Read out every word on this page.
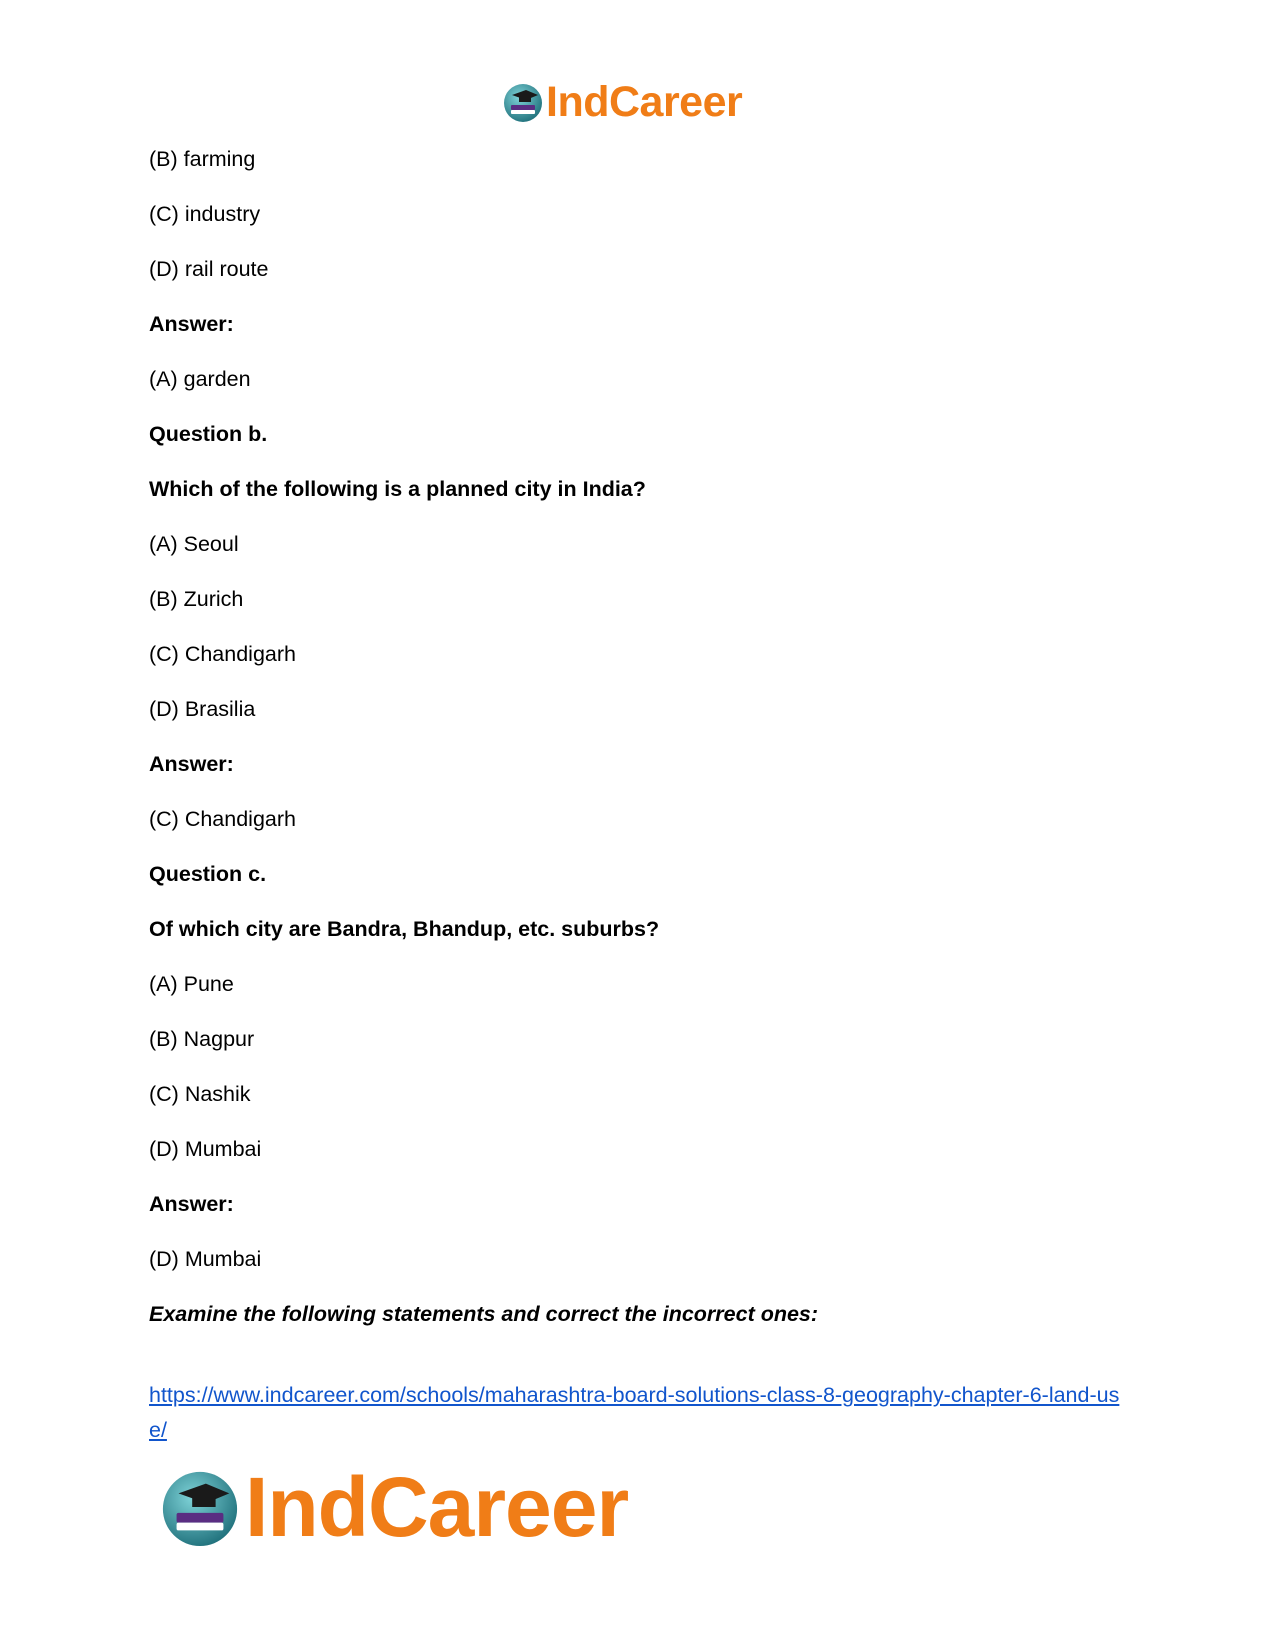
IndCareer
(B) farming
(C) industry
(D) rail route
Answer:
(A) garden
Question b.
Which of the following is a planned city in India?
(A) Seoul
(B) Zurich
(C) Chandigarh
(D) Brasilia
Answer:
(C) Chandigarh
Question c.
Of which city are Bandra, Bhandup, etc. suburbs?
(A) Pune
(B) Nagpur
(C) Nashik
(D) Mumbai
Answer:
(D) Mumbai
Examine the following statements and correct the incorrect ones:
https://www.indcareer.com/schools/maharashtra-board-solutions-class-8-geography-chapter-6-land-use/
IndCareer
